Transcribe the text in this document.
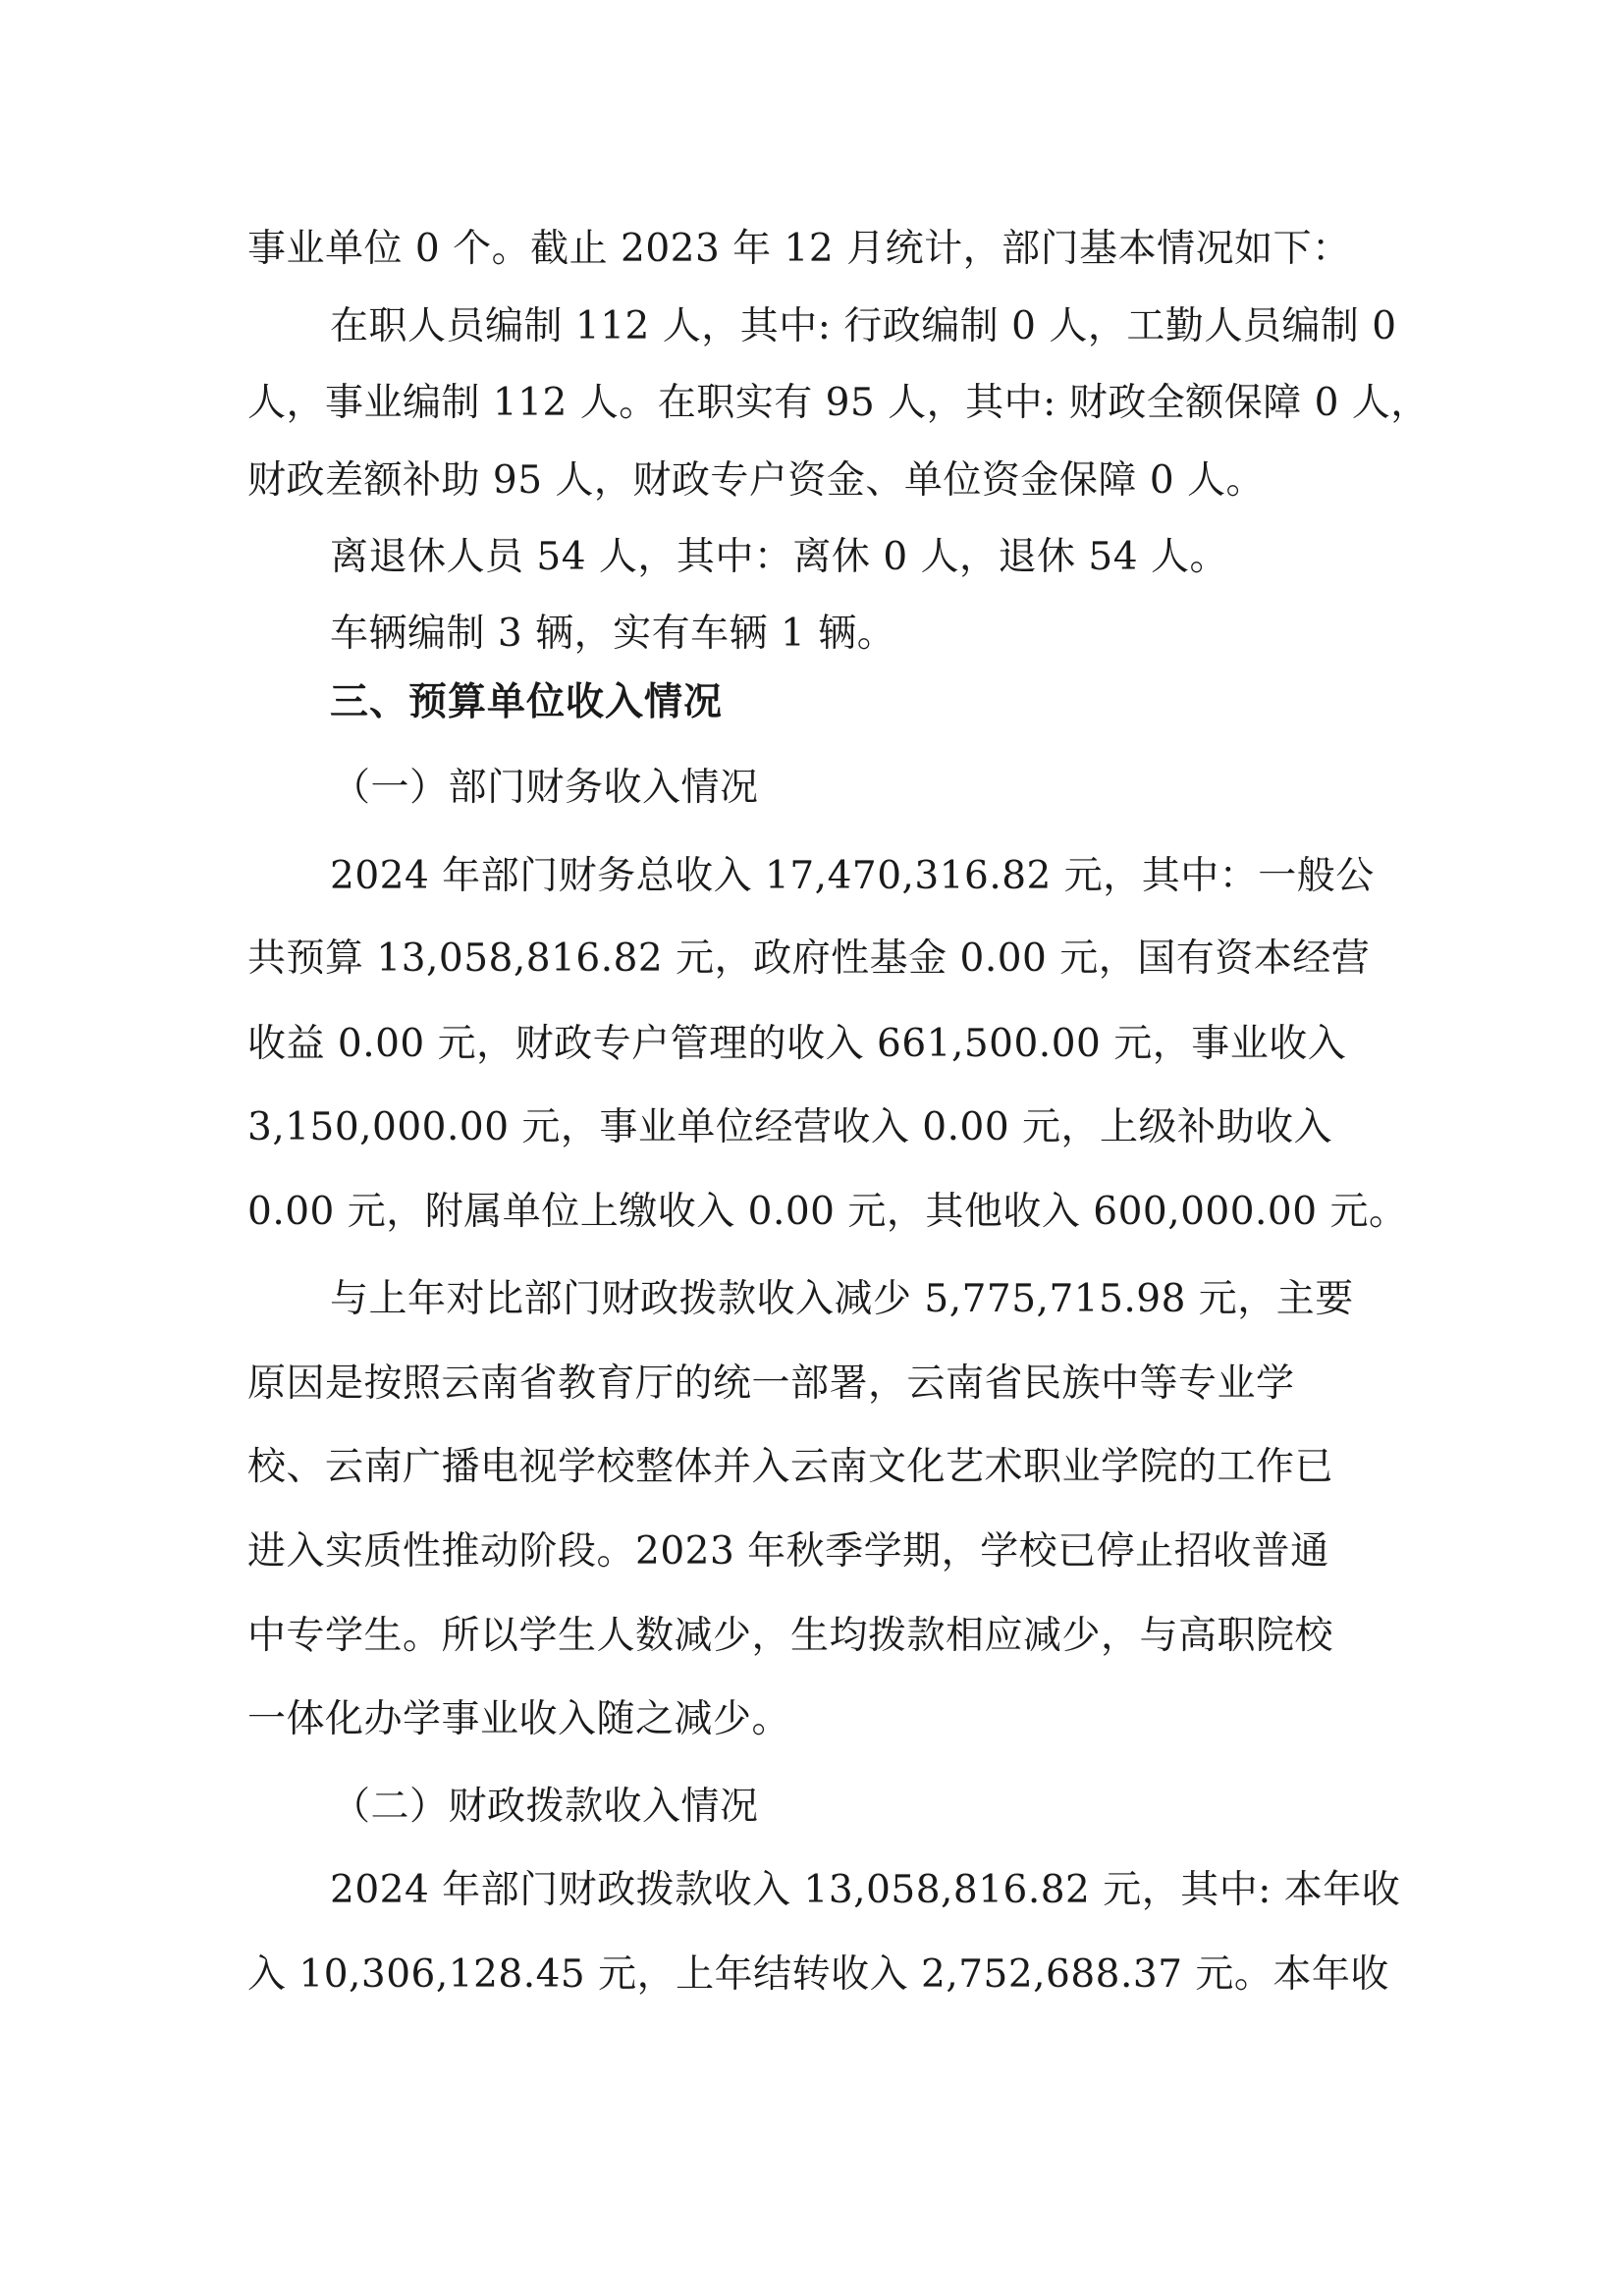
事业单位 0 个。截止 2023 年 12 月统计，部门基本情况如下：
在职人员编制 112 人，其中: 行政编制 0 人，工勤人员编制 0
人，事业编制 112 人。在职实有 95 人，其中: 财政全额保障 0 人，
财政差额补助 95 人，财政专户资金、单位资金保障 0 人。
离退休人员 54 人，其中：离休 0 人，退休 54 人。
车辆编制 3 辆，实有车辆 1 辆。
三、预算单位收入情况
（一）部门财务收入情况
2024 年部门财务总收入 17,470,316.82 元，其中：一般公
共预算 13,058,816.82 元，政府性基金 0.00 元，国有资本经营
收益 0.00 元，财政专户管理的收入 661,500.00 元，事业收入
3,150,000.00 元，事业单位经营收入 0.00 元，上级补助收入
0.00 元，附属单位上缴收入 0.00 元，其他收入 600,000.00 元。
与上年对比部门财政拨款收入减少 5,775,715.98 元，主要
原因是按照云南省教育厅的统一部署，云南省民族中等专业学
校、云南广播电视学校整体并入云南文化艺术职业学院的工作已
进入实质性推动阶段。2023 年秋季学期，学校已停止招收普通
中专学生。所以学生人数减少，生均拨款相应减少，与高职院校
一体化办学事业收入随之减少。
（二）财政拨款收入情况
2024 年部门财政拨款收入 13,058,816.82 元，其中: 本年收
入 10,306,128.45 元，上年结转收入 2,752,688.37 元。本年收
